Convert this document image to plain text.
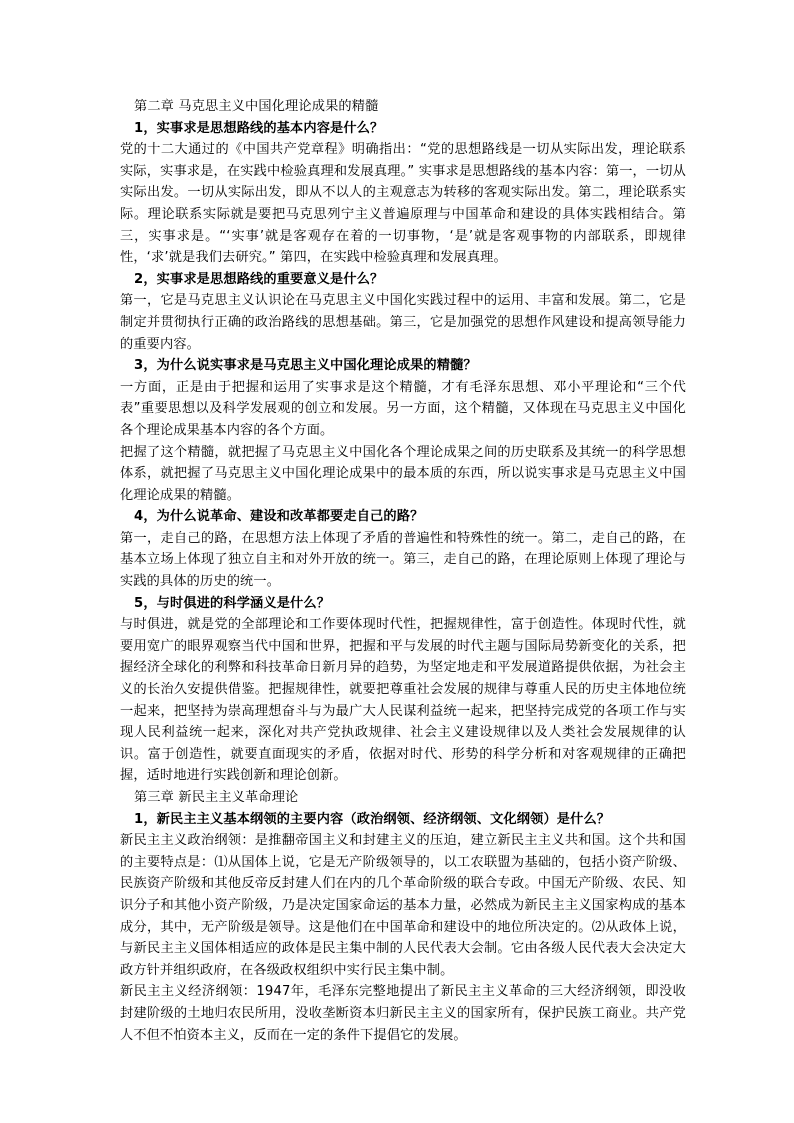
第二章 马克思主义中国化理论成果的精髓

1，实事求是思想路线的基本内容是什么？

党的十二大通过的《中国共产党章程》明确指出：“党的思想路线是一切从实际出发，理论联系实际，实事求是，在实践中检验真理和发展真理。” 实事求是思想路线的基本内容：第一，一切从实际出发。一切从实际出发，即从不以人的主观意志为转移的客观实际出发。第二，理论联系实际。理论联系实际就是要把马克思列宁主义普遍原理与中国革命和建设的具体实践相结合。第三，实事求是。“‘实事’就是客观存在着的一切事物，‘是’就是客观事物的内部联系，即规律性，‘求’就是我们去研究。” 第四，在实践中检验真理和发展真理。

2，实事求是思想路线的重要意义是什么？

第一，它是马克思主义认识论在马克思主义中国化实践过程中的运用、丰富和发展。第二，它是制定并贯彻执行正确的政治路线的思想基础。第三，它是加强党的思想作风建设和提高领导能力的重要内容。

3，为什么说实事求是马克思主义中国化理论成果的精髓？

一方面，正是由于把握和运用了实事求是这个精髓，才有毛泽东思想、邓小平理论和“三个代表”重要思想以及科学发展观的创立和发展。另一方面，这个精髓，又体现在马克思主义中国化各个理论成果基本内容的各个方面。

把握了这个精髓，就把握了马克思主义中国化各个理论成果之间的历史联系及其统一的科学思想体系，就把握了马克思主义中国化理论成果中的最本质的东西，所以说实事求是马克思主义中国化理论成果的精髓。

4，为什么说革命、建设和改革都要走自己的路？

第一，走自己的路，在思想方法上体现了矛盾的普遍性和特殊性的统一。第二，走自己的路，在基本立场上体现了独立自主和对外开放的统一。第三，走自己的路，在理论原则上体现了理论与实践的具体的历史的统一。

5，与时俱进的科学涵义是什么？

与时俱进，就是党的全部理论和工作要体现时代性，把握规律性，富于创造性。体现时代性，就要用宽广的眼界观察当代中国和世界，把握和平与发展的时代主题与国际局势新变化的关系，把握经济全球化的利弊和科技革命日新月异的趋势，为坚定地走和平发展道路提供依据，为社会主义的长治久安提供借鉴。把握规律性，就要把尊重社会发展的规律与尊重人民的历史主体地位统一起来，把坚持为崇高理想奋斗与为最广大人民谋利益统一起来，把坚持完成党的各项工作与实现人民利益统一起来，深化对共产党执政规律、社会主义建设规律以及人类社会发展规律的认识。富于创造性，就要直面现实的矛盾，依据对时代、形势的科学分析和对客观规律的正确把握，适时地进行实践创新和理论创新。

第三章 新民主主义革命理论

1，新民主主义基本纲领的主要内容（政治纲领、经济纲领、文化纲领）是什么？

新民主主义政治纲领：是推翻帝国主义和封建主义的压迫，建立新民主主义共和国。这个共和国的主要特点是：⑴从国体上说，它是无产阶级领导的，以工农联盟为基础的，包括小资产阶级、民族资产阶级和其他反帝反封建人们在内的几个革命阶级的联合专政。中国无产阶级、农民、知识分子和其他小资产阶级，乃是决定国家命运的基本力量，必然成为新民主主义国家构成的基本成分，其中，无产阶级是领导。这是他们在中国革命和建设中的地位所决定的。⑵从政体上说，与新民主主义国体相适应的政体是民主集中制的人民代表大会制。它由各级人民代表大会决定大政方针并组织政府，在各级政权组织中实行民主集中制。

新民主主义经济纲领：1947年，毛泽东完整地提出了新民主主义革命的三大经济纲领，即没收封建阶级的土地归农民所用，没收垄断资本归新民主主义的国家所有，保护民族工商业。共产党人不但不怕资本主义，反而在一定的条件下提倡它的发展。
